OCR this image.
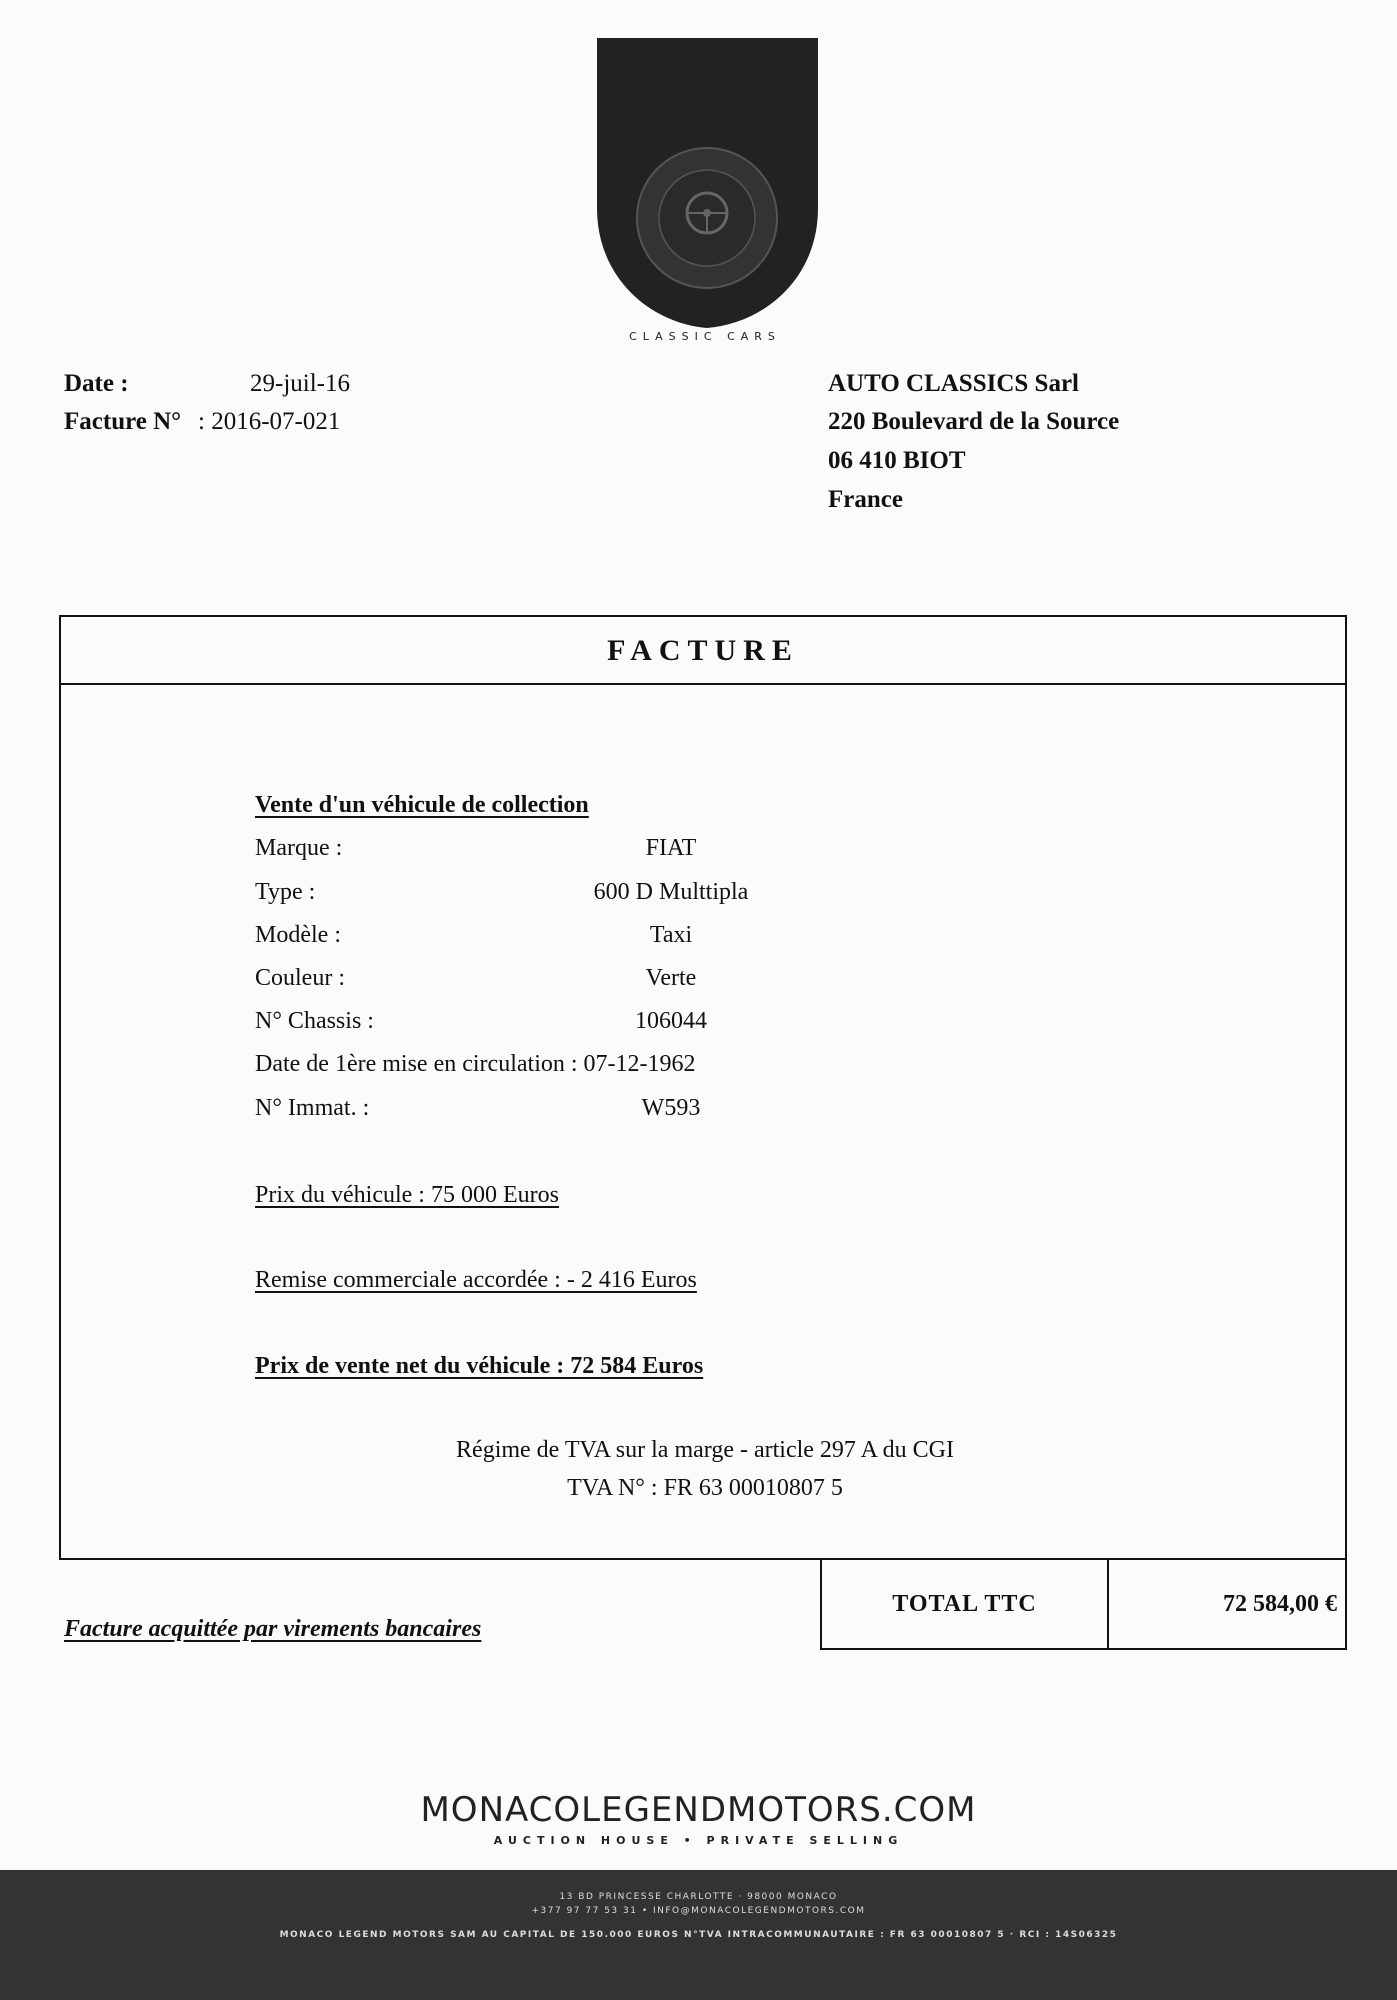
CLASSIC CARS
Date :	29-juil-16
Facture N° : 2016-07-021
AUTO CLASSICS Sarl
220 Boulevard de la Source
06 410 BIOT
France
FACTURE
Vente d'un véhicule de collection
Marque :	FIAT
Type :	600 D Multtipla
Modèle :	Taxi
Couleur :	Verte
N° Chassis :	106044
Date de 1ère mise en circulation : 07-12-1962
N° Immat. :	W593
Prix du véhicule : 75 000 Euros
Remise commerciale accordée : - 2 416 Euros
Prix de vente net du véhicule : 72 584 Euros
Régime de TVA sur la marge - article 297 A du CGI
TVA N° : FR 63 00010807 5
TOTAL TTC	72 584,00 €
Facture acquittée par virements bancaires
MONACOLEGENDMOTORS.COM
AUCTION HOUSE • PRIVATE SELLING
13 BD PRINCESSE CHARLOTTE · 98000 MONACO
+377 97 77 53 31 • INFO@MONACOLEGENDMOTORS.COM
MONACO LEGEND MOTORS SAM AU CAPITAL DE 150.000 EUROS N°TVA INTRACOMMUNAUTAIRE : FR 63 00010807 5 · RCI : 14S06325
